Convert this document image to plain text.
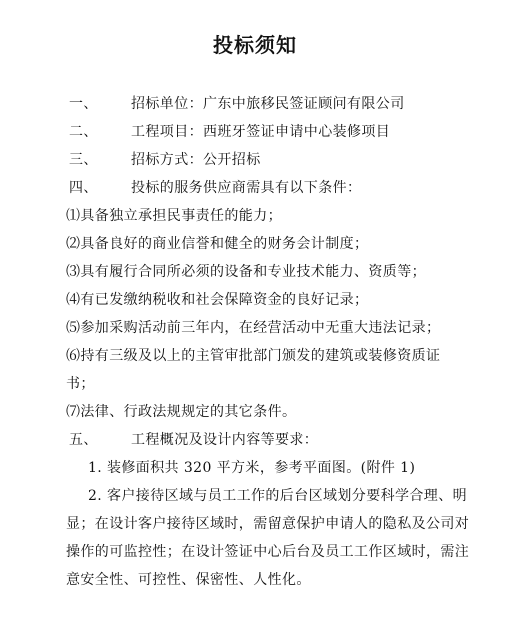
投标须知
一、 招标单位：广东中旅移民签证顾问有限公司
二、 工程项目：西班牙签证申请中心装修项目
三、 招标方式：公开招标
四、 投标的服务供应商需具有以下条件：
⑴具备独立承担民事责任的能力；
⑵具备良好的商业信誉和健全的财务会计制度；
⑶具有履行合同所必须的设备和专业技术能力、资质等；
⑷有已发缴纳税收和社会保障资金的良好记录；
⑸参加采购活动前三年内，在经营活动中无重大违法记录；
⑹持有三级及以上的主管审批部门颁发的建筑或装修资质证
书；
⑺法律、行政法规规定的其它条件。
五、 工程概况及设计内容等要求：
1. 装修面积共 320 平方米，参考平面图。(附件 1)
2. 客户接待区域与员工工作的后台区域划分要科学合理、明
显；在设计客户接待区域时，需留意保护申请人的隐私及公司对
操作的可监控性；在设计签证中心后台及员工工作区域时，需注
意安全性、可控性、保密性、人性化。
